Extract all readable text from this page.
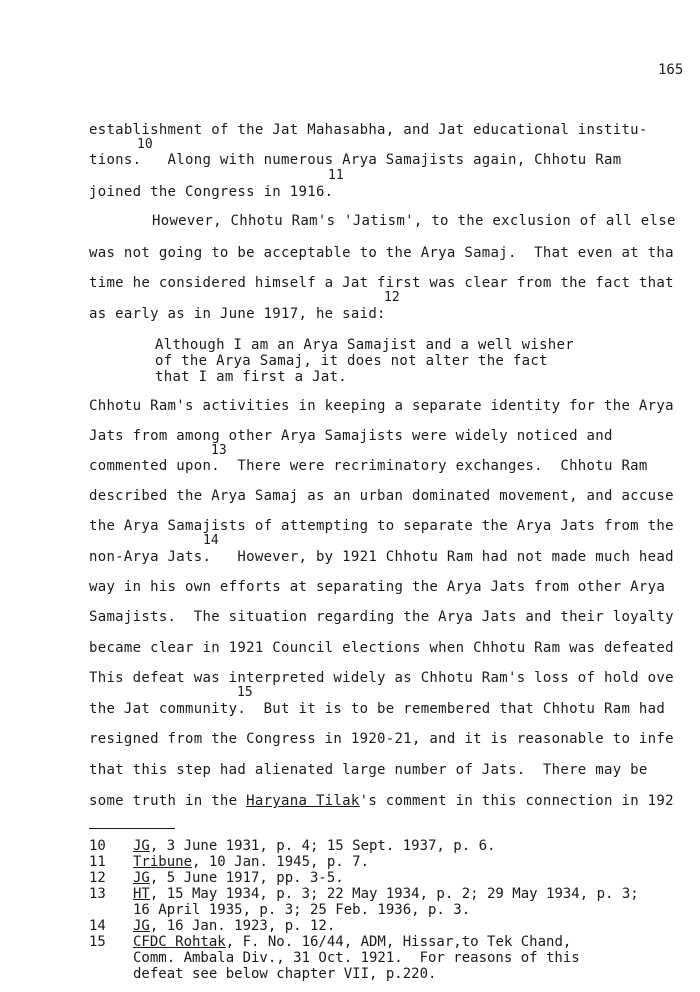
165
establishment of the Jat Mahasabha, and Jat educational institu-
10
tions.   Along with numerous Arya Samajists again, Chhotu Ram
11
joined the Congress in 1916.
However, Chhotu Ram's 'Jatism', to the exclusion of all else
was not going to be acceptable to the Arya Samaj.  That even at tha
time he considered himself a Jat first was clear from the fact that
12
as early as in June 1917, he said:
Although I am an Arya Samajist and a well wisher
of the Arya Samaj, it does not alter the fact
that I am first a Jat.
Chhotu Ram's activities in keeping a separate identity for the Arya
Jats from among other Arya Samajists were widely noticed and
13
commented upon.  There were recriminatory exchanges.  Chhotu Ram
described the Arya Samaj as an urban dominated movement, and accuse
the Arya Samajists of attempting to separate the Arya Jats from the
14
non-Arya Jats.   However, by 1921 Chhotu Ram had not made much head
way in his own efforts at separating the Arya Jats from other Arya
Samajists.  The situation regarding the Arya Jats and their loyalty
became clear in 1921 Council elections when Chhotu Ram was defeated
This defeat was interpreted widely as Chhotu Ram's loss of hold ove
15
the Jat community.  But it is to be remembered that Chhotu Ram had
resigned from the Congress in 1920-21, and it is reasonable to infe
that this step had alienated large number of Jats.  There may be
some truth in the Haryana Tilak's comment in this connection in 192
10 JG, 3 June 1931, p. 4; 15 Sept. 1937, p. 6.
11 Tribune, 10 Jan. 1945, p. 7.
12 JG, 5 June 1917, pp. 3-5.
13 HT, 15 May 1934, p. 3; 22 May 1934, p. 2; 29 May 1934, p. 3;
16 April 1935, p. 3; 25 Feb. 1936, p. 3.
14 JG, 16 Jan. 1923, p. 12.
15 CFDC Rohtak, F. No. 16/44, ADM, Hissar,to Tek Chand,
Comm. Ambala Div., 31 Oct. 1921.  For reasons of this
defeat see below chapter VII, p.220.
